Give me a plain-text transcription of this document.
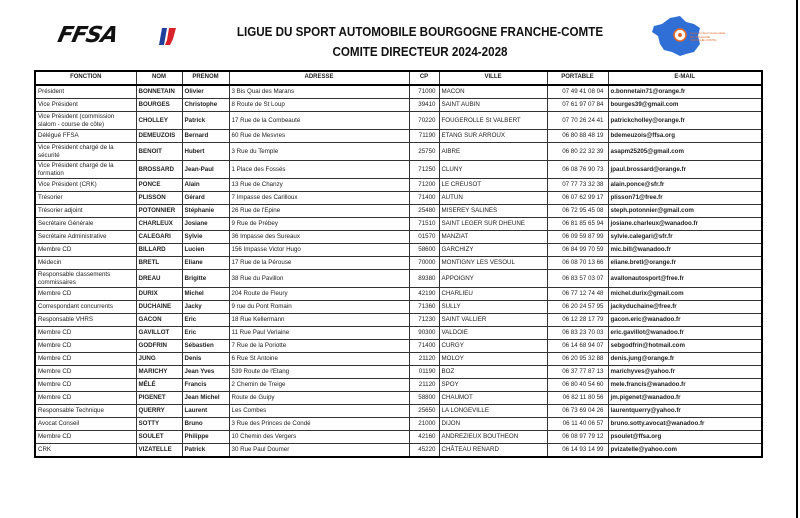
FFSA	LIGUE DU SPORT AUTOMOBILE BOURGOGNE FRANCHE-COMTE
COMITE DIRECTEUR 2024-2028
Ligue du Sport Automobile
BOURGOGNE
FRANCHE-COMTE
FONCTION	NOM	PRENOM	ADRESSE	CP	VILLE	PORTABLE	E-MAIL
Président	BONNETAIN	Olivier	3 Bis Quai des Marans	71000	MACON	07 49 41 08 04	o.bonnetain71@orange.fr
Vice Président	BOURGES	Christophe	8 Route de St Loup	39410	SAINT AUBIN	07 61 97 07 84	bourges39@gmail.com
Vice Président (commission slalom - course de côte)	CHOLLEY	Patrick	17 Rue de la Combeauté	70220	FOUGEROLLE St VALBERT	07 70 26 24 41	patrickcholley@orange.fr
Délégué FFSA	DEMEUZOIS	Bernard	60 Rue de Mesvres	71190	ETANG SUR ARROUX	06 80 88 48 19	bdemeuzois@ffsa.org
Vice Président chargé de la sécurité	BENOIT	Hubert	3 Rue du Temple	25750	AIBRE	06 80 22 32 39	asapm25205@gmail.com
Vice Président chargé de la formation	BROSSARD	Jean-Paul	1 Place des Fossés	71250	CLUNY	06 08 76 90 73	jpaul.brossard@orange.fr
Vice Président (CRK)	PONCE	Alain	13 Rue de Chanzy	71200	LE CREUSOT	07 77 73 32 38	alain.ponce@sfr.fr
Trésorier	PLISSON	Gérard	7 Impasse des Carilloux	71400	AUTUN	06 07 62 99 17	plisson71@free.fr
Trésorier adjoint	POTONNIER	Stéphanie	26 Rue de l'Epine	25480	MISEREY SALINES	06 72 95 45 08	steph.potonnier@gmail.com
Secrétaire Générale	CHARLEUX	Josiane	9 Rue de Prébey	71510	SAINT LEGER SUR DHEUNE	06 81 85 65 94	josiane.charleux@wanadoo.fr
Secrétaire Administrative	CALEGARI	Sylvie	36 Impasse des Sureaux	01570	MANZIAT	06 09 59 87 99	sylvie.calegari@sfr.fr
Membre CD	BILLARD	Lucien	156 Impasse Victor Hugo	58600	GARCHIZY	06 84 99 70 59	mic.bill@wanadoo.fr
Médecin	BRETL	Eliane	17 Rue de la Pérouse	70000	MONTIGNY LES VESOUL	06 08 70 13 66	eliane.bretl@orange.fr
Responsable classements commissaires	DREAU	Brigitte	38 Rue du Pavillon	89380	APPOIGNY	06 83 57 03 07	avallonautosport@free.fr
Membre CD	DURIX	Michel	204 Route de Fleury	42190	CHARLIEU	06 77 12 74 48	michel.durix@gmail.com
Correspondant concurrents	DUCHAINE	Jacky	9 rue du Pont Romain	71360	SULLY	06 20 24 57 95	jackyduchaine@free.fr
Responsable VHRS	GACON	Eric	18 Rue Kellermann	71230	SAINT VALLIER	06 12 28 17 79	gacon.eric@wanadoo.fr
Membre CD	GAVILLOT	Eric	11 Rue Paul Verlaine	90300	VALDOIE	06 83 23 70 03	eric.gavillot@wanadoo.fr
Membre CD	GODFRIN	Sébastien	7 Rue de la Poriotte	71400	CURGY	06 14 68 94 07	sebgodfrin@hotmail.com
Membre CD	JUNG	Denis	6 Rue St Antoine	21120	MOLOY	06 20 95 32 88	denis.jung@orange.fr
Membre CD	MARICHY	Jean Yves	539 Route de l'Etang	01190	BOZ	06 37 77 87 13	marichyves@yahoo.fr
Membre CD	MÊLÉ	Francis	2 Chemin de Treige	21120	SPOY	06 80 40 54 60	mele.francis@wanadoo.fr
Membre CD	PIGENET	Jean Michel	Route de Guipy	58800	CHAUMOT	06 82 11 80 56	jm.pigenet@wanadoo.fr
Responsable Technique	QUERRY	Laurent	Les Combes	25650	LA LONGEVILLE	06 73 69 04 26	laurentquerry@yahoo.fr
Avocat Conseil	SOTTY	Bruno	3 Rue des Princes de Condé	21000	DIJON	06 11 40 06 57	bruno.sotty.avocat@wanadoo.fr
Membre CD	SOULET	Philippe	10 Chemin des Vergers	42160	ANDREZIEUX BOUTHEON	06 08 97 79 12	psoulet@ffsa.org
CRK	VIZATELLE	Patrick	30 Rue Paul Doumer	45220	CHÂTEAU RENARD	06 14 93 14 99	pvizatelle@yahoo.com
